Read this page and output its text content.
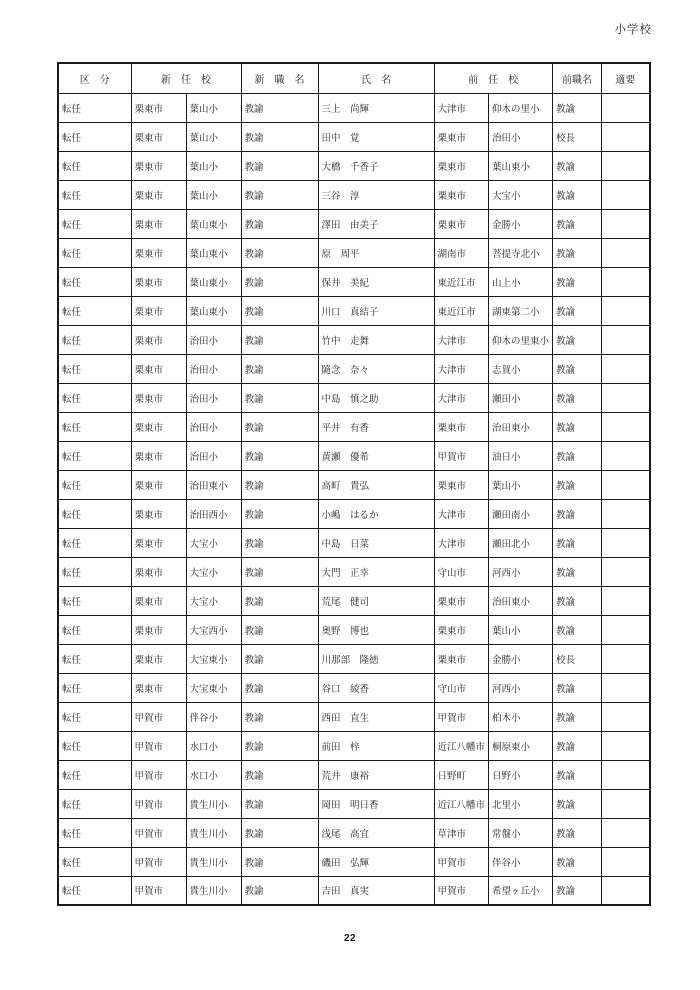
小学校
区　分	新　任　校		新　職　名	氏　名	前　任　校		前職名	適要
転任	栗東市	葉山小	教諭	三上　尚輝	大津市	仰木の里小	教諭	
転任	栗東市	葉山小	教諭	田中　覚	栗東市	治田小	校長	
転任	栗東市	葉山小	教諭	大橋　千香子	栗東市	葉山東小	教諭	
転任	栗東市	葉山小	教諭	三谷　淳	栗東市	大宝小	教諭	
転任	栗東市	葉山東小	教諭	澤田　由美子	栗東市	金勝小	教諭	
転任	栗東市	葉山東小	教諭	原　周平	湖南市	菩提寺北小	教諭	
転任	栗東市	葉山東小	教諭	保井　美紀	東近江市	山上小	教諭	
転任	栗東市	葉山東小	教諭	川口　真結子	東近江市	湖東第二小	教諭	
転任	栗東市	治田小	教諭	竹中　走舞	大津市	仰木の里東小	教諭	
転任	栗東市	治田小	教諭	隨念　奈々	大津市	志賀小	教諭	
転任	栗東市	治田小	教諭	中島　慎之助	大津市	瀬田小	教諭	
転任	栗東市	治田小	教諭	平井　有香	栗東市	治田東小	教諭	
転任	栗東市	治田小	教諭	黄瀬　優希	甲賀市	油日小	教諭	
転任	栗東市	治田東小	教諭	高町　貴弘	栗東市	葉山小	教諭	
転任	栗東市	治田西小	教諭	小嶋　はるか	大津市	瀬田南小	教諭	
転任	栗東市	大宝小	教諭	中島　日菜	大津市	瀬田北小	教諭	
転任	栗東市	大宝小	教諭	大門　正幸	守山市	河西小	教諭	
転任	栗東市	大宝小	教諭	荒尾　健司	栗東市	治田東小	教諭	
転任	栗東市	大宝西小	教諭	奥野　博也	栗東市	葉山小	教諭	
転任	栗東市	大宝東小	教諭	川那部　隆徳	栗東市	金勝小	校長	
転任	栗東市	大宝東小	教諭	谷口　綾香	守山市	河西小	教諭	
転任	甲賀市	伴谷小	教諭	西田　直生	甲賀市	柏木小	教諭	
転任	甲賀市	水口小	教諭	前田　梓	近江八幡市	桐原東小	教諭	
転任	甲賀市	水口小	教諭	荒井　康裕	日野町	日野小	教諭	
転任	甲賀市	貴生川小	教諭	岡田　明日香	近江八幡市	北里小	教諭	
転任	甲賀市	貴生川小	教諭	浅尾　高宜	草津市	常盤小	教諭	
転任	甲賀市	貴生川小	教諭	磯田　弘輝	甲賀市	伴谷小	教諭	
転任	甲賀市	貴生川小	教諭	吉田　真実	甲賀市	希望ヶ丘小	教諭	
22
